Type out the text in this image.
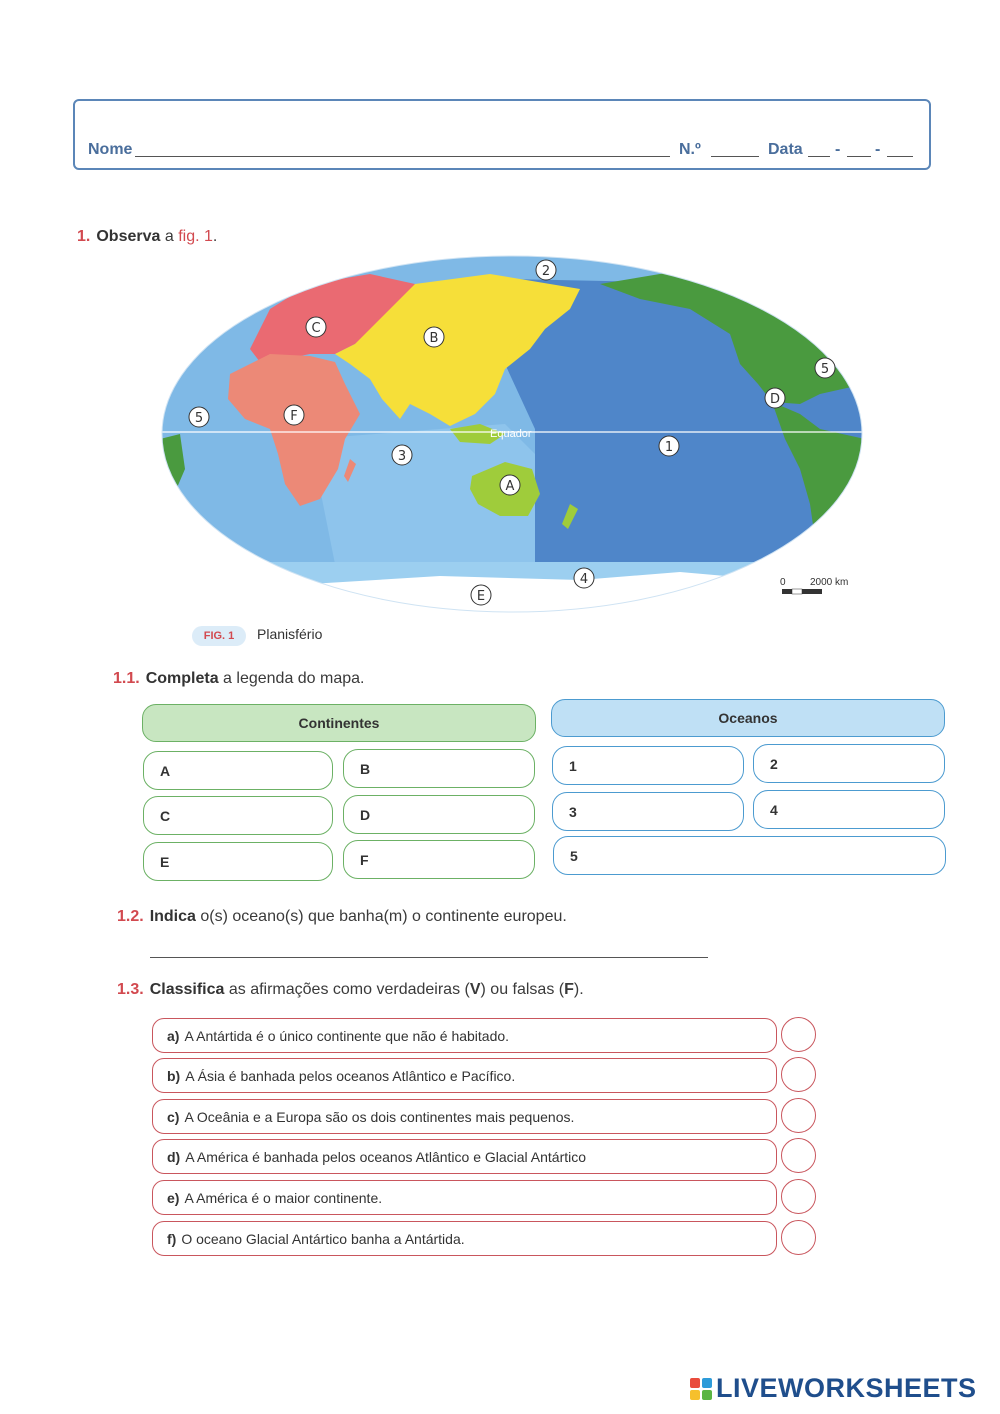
Nome	N.º	Data - -
1. Observa a fig. 1.
Equador
2
C
B
5
D
5	F
1
3
A
4
E
0 2000 km
FIG. 1	Planisfério
1.1. Completa a legenda do mapa.
Continentes
A	B
C	D
E	F
Oceanos
1	2
3	4
5
1.2. Indica o(s) oceano(s) que banha(m) o continente europeu.
1.3. Classifica as afirmações como verdadeiras (V) ou falsas (F).
a) A Antártida é o único continente que não é habitado.
b) A Ásia é banhada pelos oceanos Atlântico e Pacífico.
c) A Oceânia e a Europa são os dois continentes mais pequenos.
d) A América é banhada pelos oceanos Atlântico e Glacial Antártico
e) A América é o maior continente.
f) O oceano Glacial Antártico banha a Antártida.
LIVEWORKSHEETS
